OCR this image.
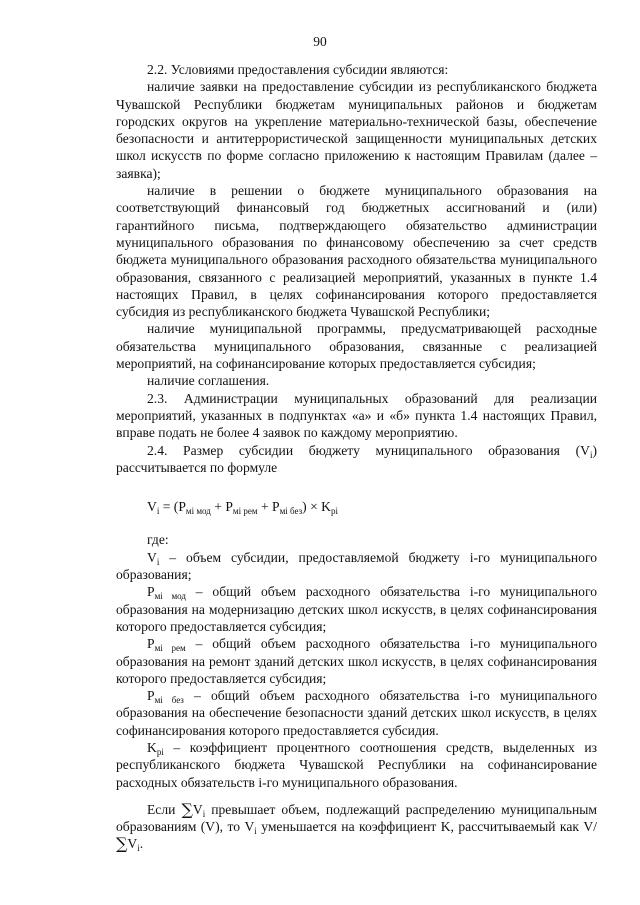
90

2.2. Условиями предоставления субсидии являются:

наличие заявки на предоставление субсидии из республиканского бюджета Чувашской Республики бюджетам муниципальных районов и бюджетам городских округов на укрепление материально-технической базы, обеспечение безопасности и антитеррористической защищенности муниципальных детских школ искусств по форме согласно приложению к настоящим Правилам (далее – заявка);

наличие в решении о бюджете муниципального образования на соответствующий финансовый год бюджетных ассигнований и (или) гарантийного письма, подтверждающего обязательство администрации муниципального образования по финансовому обеспечению за счет средств бюджета муниципального образования расходного обязательства муниципального образования, связанного с реализацией мероприятий, указанных в пункте 1.4 настоящих Правил, в целях софинансирования которого предоставляется субсидия из республиканского бюджета Чувашской Республики;

наличие муниципальной программы, предусматривающей расходные обязательства муниципального образования, связанные с реализацией мероприятий, на софинансирование которых предоставляется субсидия;

наличие соглашения.

2.3. Администрации муниципальных образований для реализации мероприятий, указанных в подпунктах «а» и «б» пункта 1.4 настоящих Правил, вправе подать не более 4 заявок по каждому мероприятию.

2.4. Размер субсидии бюджету муниципального образования $(V_i)$ рассчитывается по формуле

$V_i = (P_{мi мод} + P_{мi рем} + P_{мi без}) \times K_{рi}$

где:

$V_i$ – объем субсидии, предоставляемой бюджету i-го муниципального образования;

$P_{мi мод}$ – общий объем расходного обязательства i-го муниципального образования на модернизацию детских школ искусств, в целях софинансирования которого предоставляется субсидия;

$P_{мi рем}$ – общий объем расходного обязательства i-го муниципального образования на ремонт зданий детских школ искусств, в целях софинансирования которого предоставляется субсидия;

$P_{мi без}$ – общий объем расходного обязательства i-го муниципального образования на обеспечение безопасности зданий детских школ искусств, в целях софинансирования которого предоставляется субсидия.

$K_{рi}$ – коэффициент процентного соотношения средств, выделенных из республиканского бюджета Чувашской Республики на софинансирование расходных обязательств i-го муниципального образования.

Если $\sum V_i$ превышает объем, подлежащий распределению муниципальным образованиям (V), то $V_i$ уменьшается на коэффициент K, рассчитываемый как $V/\sum V_i$.
